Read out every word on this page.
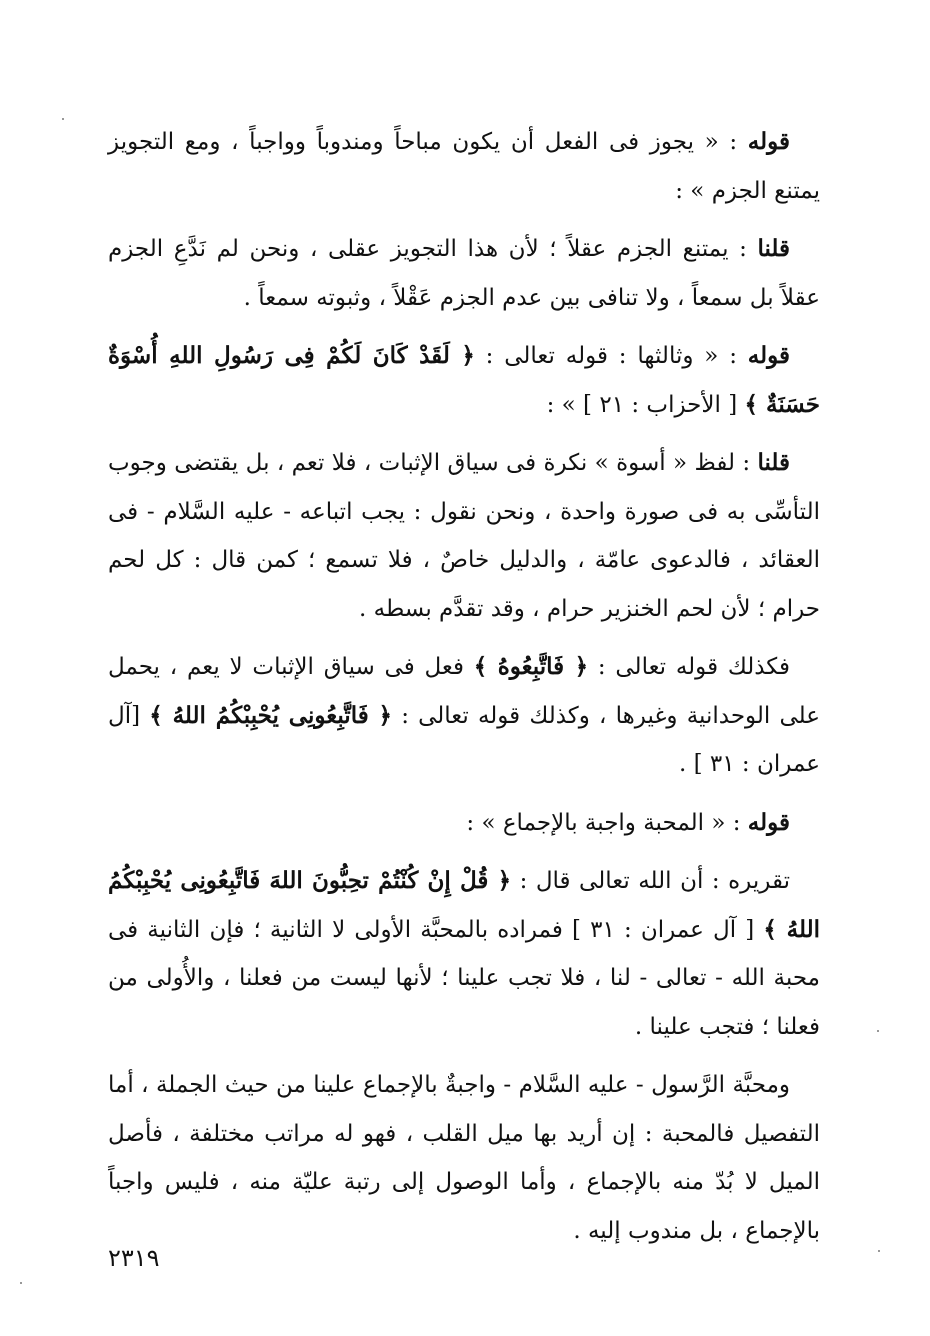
قوله : « يجوز فى الفعل أن يكون مباحاً ومندوباً وواجباً ، ومع التجويز يمتنع الجزم » :

قلنا : يمتنع الجزم عقلاً ؛ لأن هذا التجويز عقلى ، ونحن لم نَدَّعِ الجزم عقلاً بل سمعاً ، ولا تنافى بين عدم الجزم عَقْلاً ، وثبوته سمعاً .

قوله : « وثالثها : قوله تعالى : ﴿ لَقَدْ كَانَ لَكُمْ فِى رَسُولِ اللهِ أُسْوَةٌ حَسَنَةٌ ﴾ [ الأحزاب : ٢١ ] » :

قلنا : لفظ « أسوة » نكرة فى سياق الإثبات ، فلا تعم ، بل يقتضى وجوب التأسِّى به فى صورة واحدة ، ونحن نقول : يجب اتباعه - عليه السَّلام - فى العقائد ، فالدعوى عامّة ، والدليل خاصٌ ، فلا تسمع ؛ كمن قال : كل لحم حرام ؛ لأن لحم الخنزير حرام ، وقد تقدَّم بسطه .

فكذلك قوله تعالى : ﴿ فَاتَّبِعُوهُ ﴾ فعل فى سياق الإثبات لا يعم ، يحمل على الوحدانية وغيرها ، وكذلك قوله تعالى : ﴿ فَاتَّبِعُونِى يُحْبِبْكُمُ اللهُ ﴾ [آل عمران : ٣١ ] .

قوله : « المحبة واجبة بالإجماع » :

تقريره : أن الله تعالى قال : ﴿ قُلْ إِنْ كُنْتُمْ تحِبُّونَ اللهَ فَاتَّبِعُونِى يُحْبِبْكُمُ اللهُ ﴾ [ آل عمران : ٣١ ] فمراده بالمحبَّة الأولى لا الثانية ؛ فإن الثانية فى محبة الله - تعالى - لنا ، فلا تجب علينا ؛ لأنها ليست من فعلنا ، والأُولى من فعلنا ؛ فتجب علينا .

ومحبَّة الرَّسول - عليه السَّلام - واجبةٌ بالإجماع علينا من حيث الجملة ، أما التفصيل فالمحبة : إن أريد بها ميل القلب ، فهو له مراتب مختلفة ، فأصل الميل لا بُدّ منه بالإجماع ، وأما الوصول إلى رتبة عليّة منه ، فليس واجباً بالإجماع ، بل مندوب إليه .

٢٣١٩
